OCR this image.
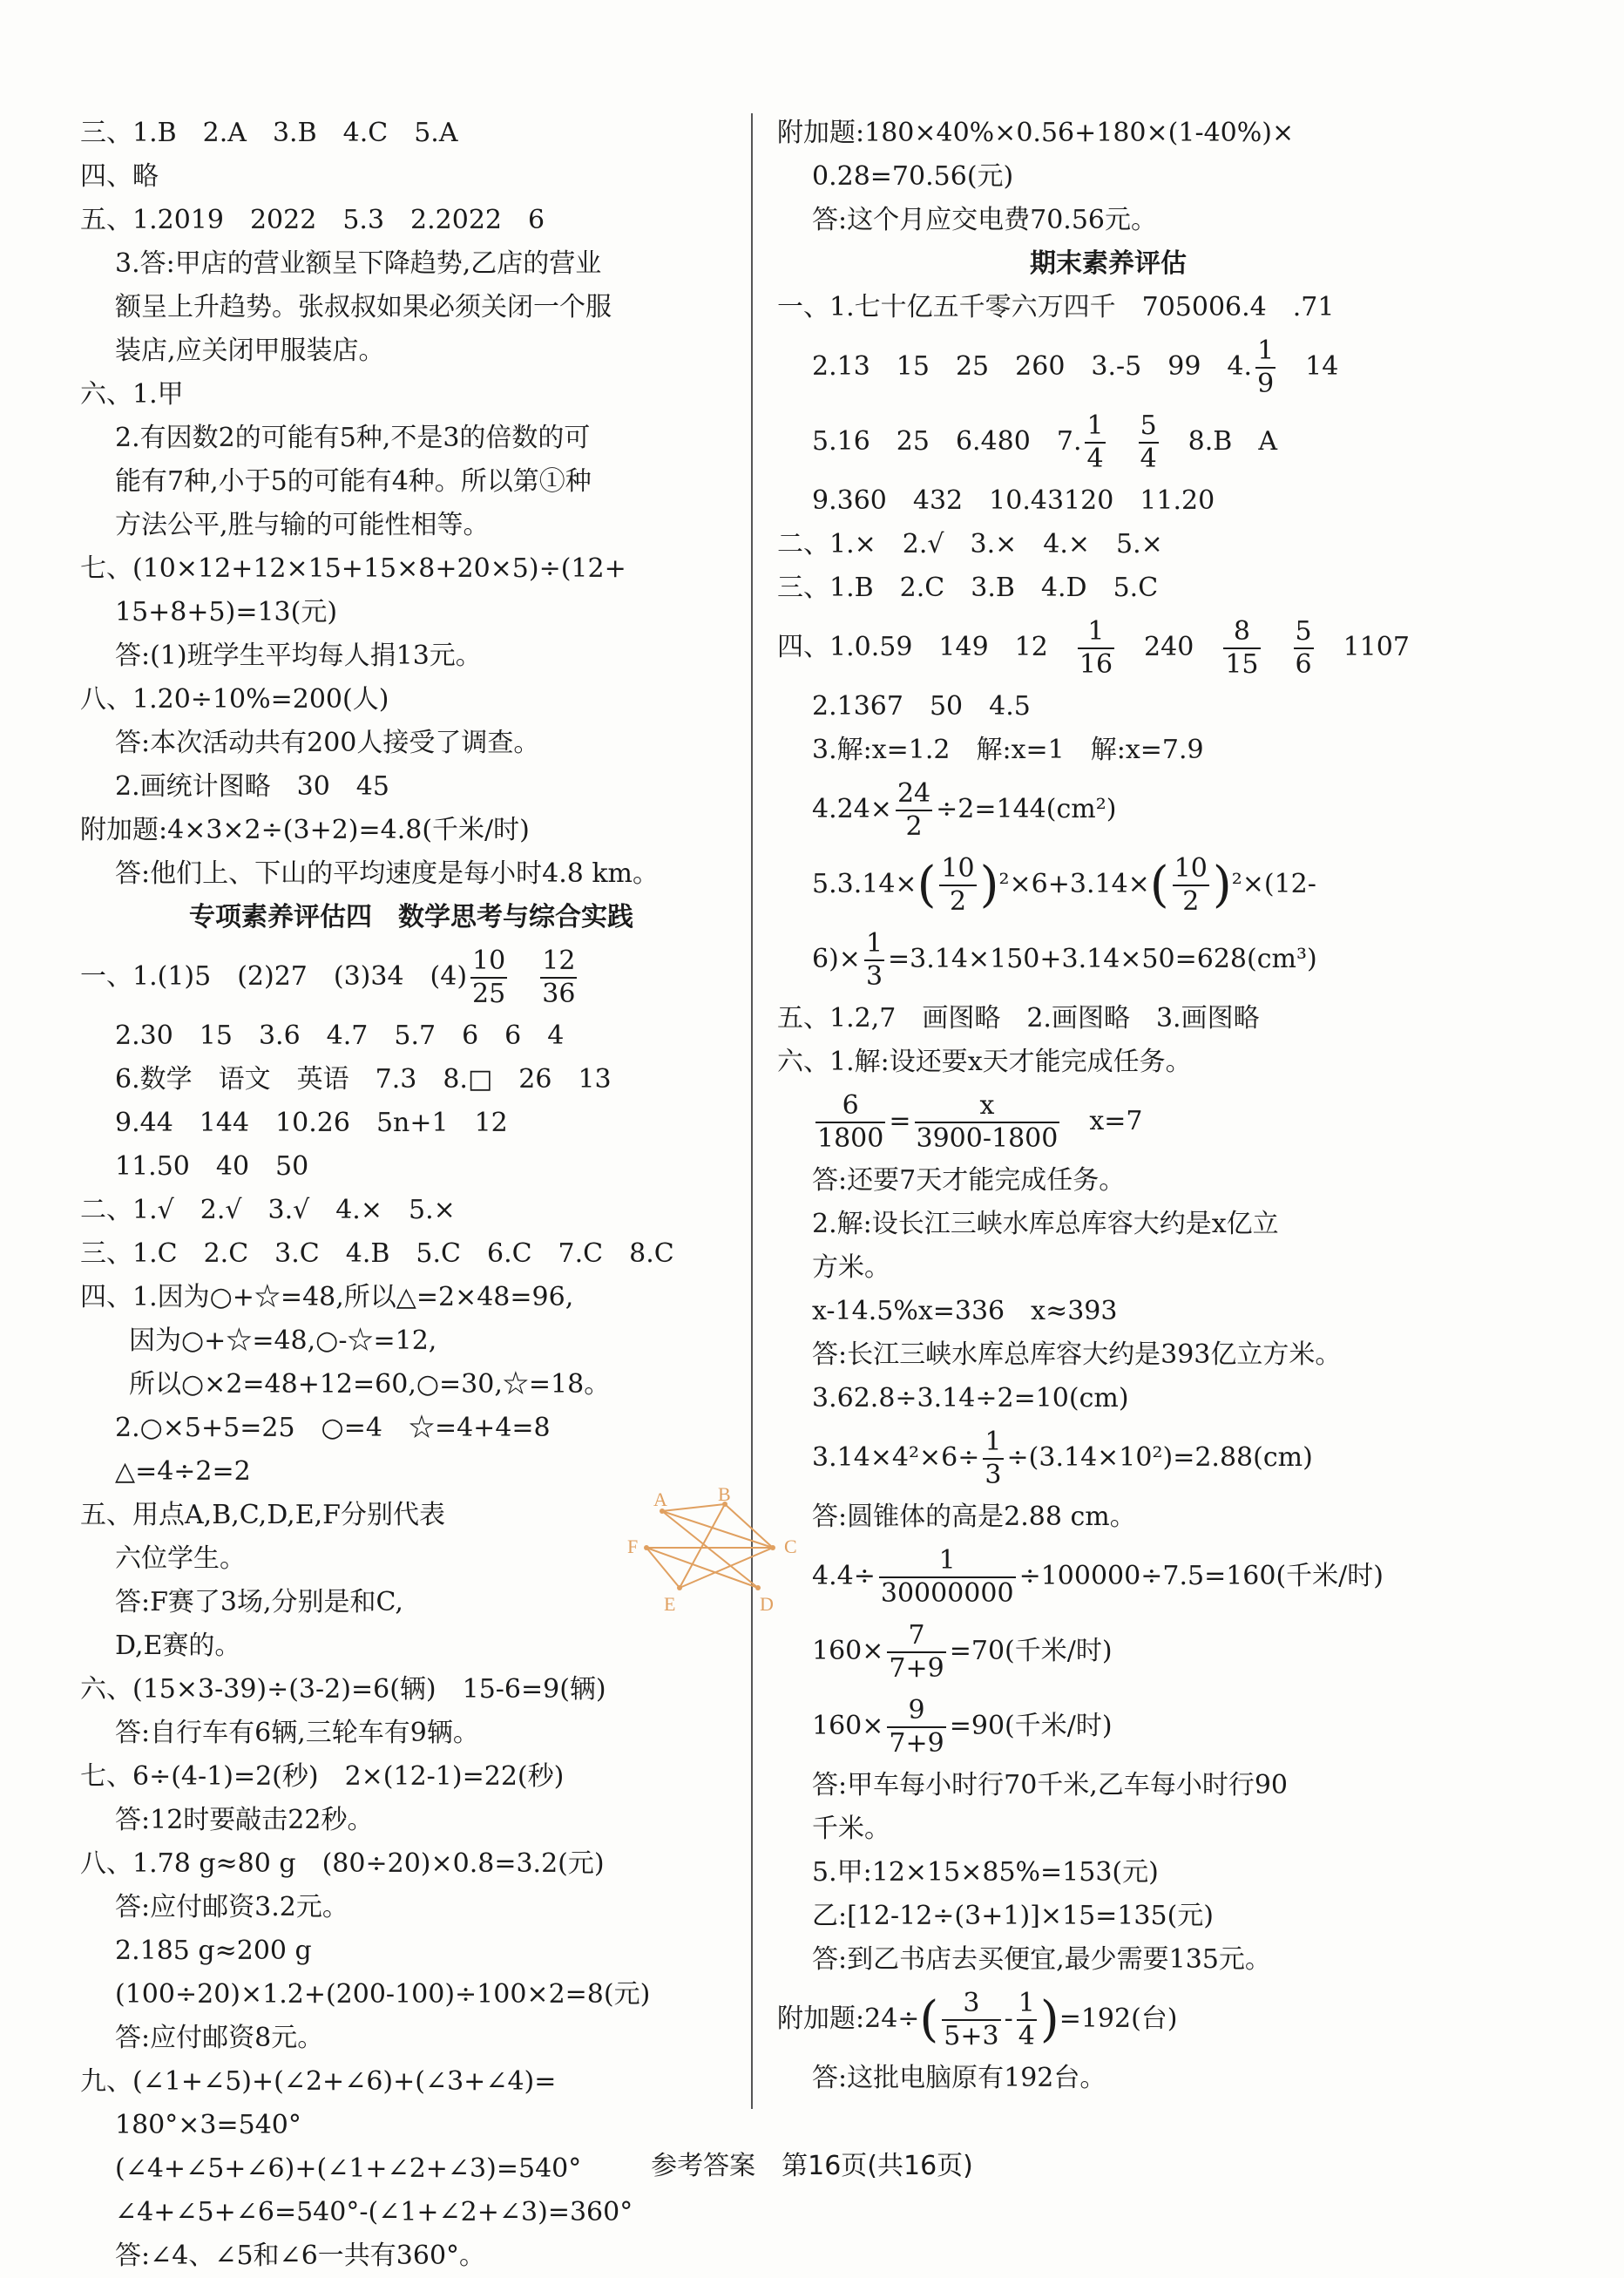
三、1.B　2.A　3.B　4.C　5.A
四、略
五、1.2019　2022　5.3　2.2022　6
3.答:甲店的营业额呈下降趋势,乙店的营业
额呈上升趋势。张叔叔如果必须关闭一个服
装店,应关闭甲服装店。
六、1.甲
2.有因数2的可能有5种,不是3的倍数的可
能有7种,小于5的可能有4种。所以第①种
方法公平,胜与输的可能性相等。
七、(10×12+12×15+15×8+20×5)÷(12+
15+8+5)=13(元)
答:(1)班学生平均每人捐13元。
八、1.20÷10%=200(人)
答:本次活动共有200人接受了调查。
2.画统计图略　30　45
附加题:4×3×2÷(3+2)=4.8(千米/时)
答:他们上、下山的平均速度是每小时4.8 km。
专项素养评估四　数学思考与综合实践
一、1.(1)5　(2)27　(3)34　$(4) \frac{10}{25}$
　 $\frac{12}{36}$
2.30　15　3.6　4.7　5.7　6　6　4
6.数学　语文　英语　7.3　8.□　26　13
9.44　144　10.26　5n+1　12
11.50　40　50
二、1.√　2.√　3.√　4.×　5.×
三、1.C　2.C　3.C　4.B　5.C　6.C　7.C　8.C
四、1.因为○+☆=48,所以△=2×48=96,
因为○+☆=48,○-☆=12,
所以○×2=48+12=60,○=30,☆=18。
2.○×5+5=25　○=4　☆=4+4=8
△=4÷2=2
五、用点A,B,C,D,E,F分别代表
六位学生。
答:F赛了3场,分别是和C,
D,E赛的。
A	B
C
D
E
F
六、(15×3-39)÷(3-2)=6(辆)　15-6=9(辆)
答:自行车有6辆,三轮车有9辆。
七、6÷(4-1)=2(秒)　2×(12-1)=22(秒)
答:12时要敲击22秒。
八、1.78 g≈80 g　(80÷20)×0.8=3.2(元)
答:应付邮资3.2元。
2.185 g≈200 g
(100÷20)×1.2+(200-100)÷100×2=8(元)
答:应付邮资8元。
九、(∠1+∠5)+(∠2+∠6)+(∠3+∠4)=
180°×3=540°
(∠4+∠5+∠6)+(∠1+∠2+∠3)=540°
∠4+∠5+∠6=540°-(∠1+∠2+∠3)=360°
答:∠4、∠5和∠6一共有360°。
附加题:180×40%×0.56+180×(1-40%)×
0.28=70.56(元)
答:这个月应交电费70.56元。
期末素养评估
一、1.七十亿五千零六万四千　705006.4　.71
2.13　15　25　260　3.-5　99　4. $\frac{1}{9}$
　 14
5.16　25　6.480　7. $\frac{1}{4}$
　 $\frac{5}{4}$
　 8.B　A
9.360　432　10.43120　11.20
二、1.×　2.√　3.×　4.×　5.×
三、1.B　2.C　3.B　4.D　5.C
四、1.0.59　149　12　 $\frac{1}{16}$
　 240　 $\frac{8}{15}$
　 $\frac{5}{6}$
　 1107
2.1367　50　4.5
3.解:x=1.2　解:x=1　解:x=7.9
$4.24\times \frac{24}{2} \div 2=144(cm^2)$
$5.3.14\times( \frac{10}{2} )^2\times 6+3.14\times( \frac{10}{2} )^2\times(12-$
$6)\times \frac{1}{3} =3.14\times 150+3.14\times 50=628(cm^3)$
五、1.2,7　画图略　2.画图略　3.画图略
六、1.解:设还要x天才能完成任务。
$\frac{6}{1800} = \frac{x}{3900-1800}$
　 x=7
答:还要7天才能完成任务。
2.解:设长江三峡水库总库容大约是x亿立
方米。
x-14.5%x=336　x≈393
答:长江三峡水库总库容大约是393亿立方米。
3.62.8÷3.14÷2=10(cm)
$3.14\times 4^2\times 6\div \frac{1}{3} \div(3.14\times 10^2)=2.88(cm)$
答:圆锥体的高是2.88 cm。
$4.4\div \frac{1}{30000000} \div 100000\div 7.5=160$(千米/时)
$160\times \frac{7}{7+9} =70$(千米/时)
$160\times \frac{9}{7+9} =90$(千米/时)
答:甲车每小时行70千米,乙车每小时行90
千米。
5.甲:12×15×85%=153(元)
乙:[12-12÷(3+1)]×15=135(元)
答:到乙书店去买便宜,最少需要135元。
附加题:24÷( $\frac{3}{5+3} - \frac{1}{4} )=192$(台)
答:这批电脑原有192台。
参考答案　第16页(共16页)
